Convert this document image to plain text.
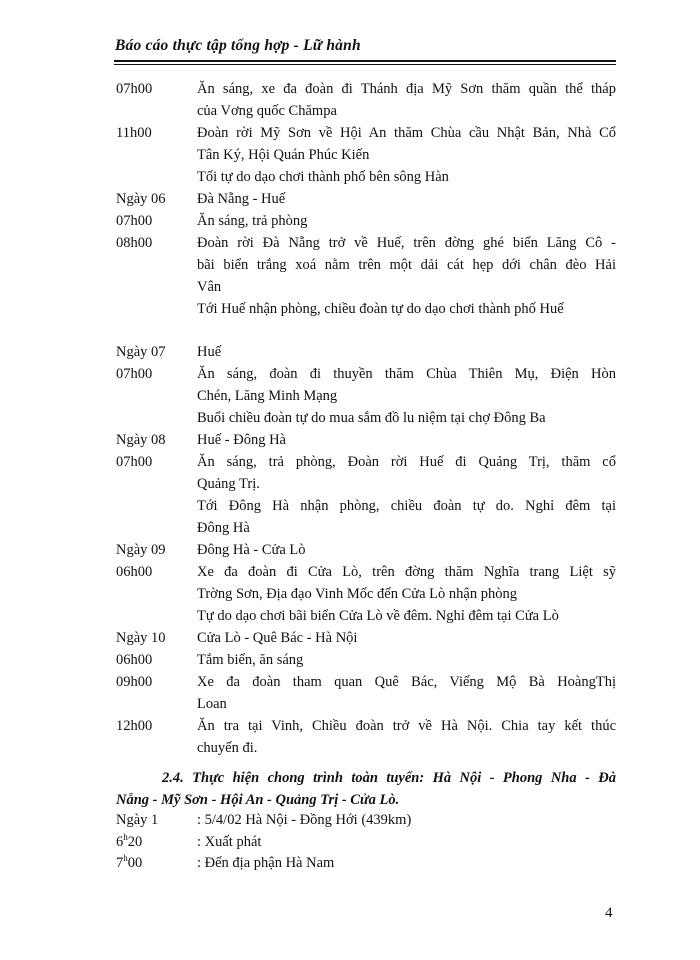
Báo cáo thực tập tổng hợp - Lữ hành
07h00	Ăn sáng, xe đa đoàn đi Thánh địa Mỹ Sơn thăm quần thể tháp
của Vơng quốc Chămpa
11h00	Đoàn rời Mỹ Sơn về Hội An thăm Chùa cầu Nhật Bản, Nhà Cổ
Tân Ký, Hội Quán Phúc Kiến
Tối tự do dạo chơi thành phố bên sông Hàn
Ngày 06	Đà Nẵng - Huế
07h00	Ăn sáng, trả phòng
08h00	Đoàn rời Đà Nẵng trở về Huế, trên đờng ghé biển Lăng Cô -
bãi biển trắng xoá nằm trên một dải cát hẹp dới chân đèo Hải
Vân
Tới Huế nhận phòng, chiều đoàn tự do dạo chơi thành phố Huế
Ngày 07	Huế
07h00	Ăn sáng, đoàn đi thuyền thăm Chùa Thiên Mụ, Điện Hòn
Chén, Lăng Minh Mạng
Buổi chiều đoàn tự do mua sắm đồ lu niệm tại chợ Đông Ba
Ngày 08	Huế - Đông Hà
07h00	Ăn sáng, trả phòng, Đoàn rời Huế đi Quảng Trị, thăm cổ
Quảng Trị.
Tới Đông Hà nhận phòng, chiều đoàn tự do. Nghỉ đêm tại
Đông Hà
Ngày 09	Đông Hà - Cửa Lò
06h00	Xe đa đoàn đi Cửa Lò, trên đờng thăm Nghĩa trang Liệt sỹ
Trờng Sơn, Địa đạo Vinh Mốc đến Cửa Lò nhận phòng
Tự do dạo chơi bãi biển Cửa Lò về đêm. Nghỉ đêm tại Cửa Lò
Ngày 10	Cửa Lò - Quê Bác - Hà Nội
06h00	Tắm biển, ăn sáng
09h00	Xe đa đoàn tham quan Quê Bác, Viếng Mộ Bà HoàngThị
Loan
12h00	Ăn tra tại Vinh, Chiều đoàn trở về Hà Nội. Chia tay kết thúc
chuyến đi.
2.4. Thực hiện chong trình toàn tuyến: Hà Nội - Phong Nha - Đà
Nẵng - Mỹ Sơn - Hội An - Quảng Trị - Cửa Lò.
Ngày 1	: 5/4/02 Hà Nội - Đồng Hới (439km)
6$^h$20	: Xuất phát
7$^h$00	: Đến địa phận Hà Nam
4
